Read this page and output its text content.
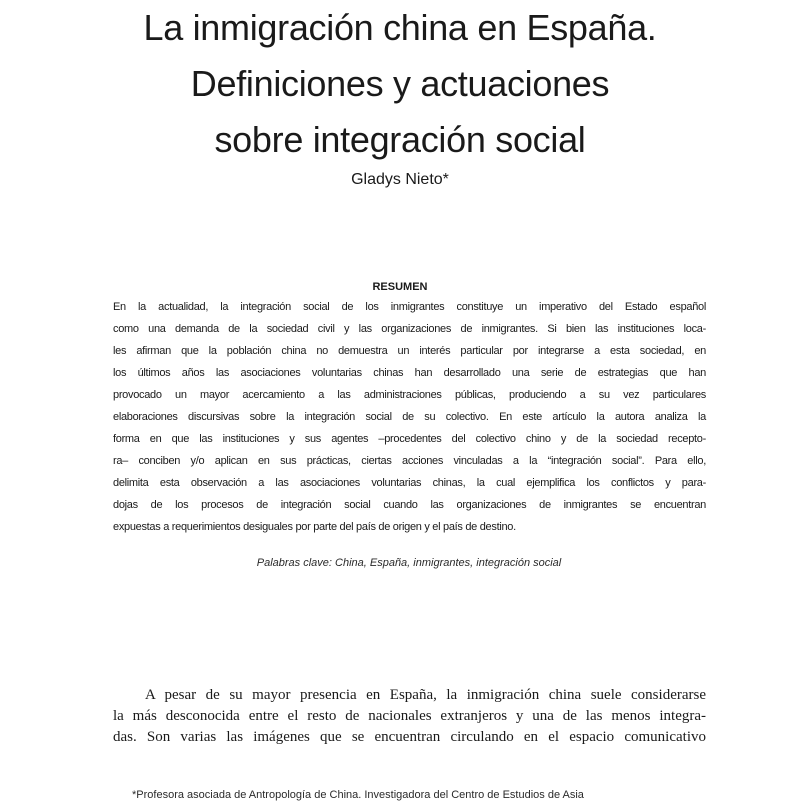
La inmigración china en España.
Definiciones y actuaciones
sobre integración social
Gladys Nieto*
RESUMEN

En la actualidad, la integración social de los inmigrantes constituye un imperativo del Estado español
como una demanda de la sociedad civil y las organizaciones de inmigrantes. Si bien las instituciones loca-
les afirman que la población china no demuestra un interés particular por integrarse a esta sociedad, en
los últimos años las asociaciones voluntarias chinas han desarrollado una serie de estrategias que han
provocado un mayor acercamiento a las administraciones públicas, produciendo a su vez particulares
elaboraciones discursivas sobre la integración social de su colectivo. En este artículo la autora analiza la
forma en que las instituciones y sus agentes –procedentes del colectivo chino y de la sociedad recepto-
ra– conciben y/o aplican en sus prácticas, ciertas acciones vinculadas a la “integración social”. Para ello,
delimita esta observación a las asociaciones voluntarias chinas, la cual ejemplifica los conflictos y para-
dojas de los procesos de integración social cuando las organizaciones de inmigrantes se encuentran
expuestas a requerimientos desiguales por parte del país de origen y el país de destino.

Palabras clave: China, España, inmigrantes, integración social

A pesar de su mayor presencia en España, la inmigración china suele considerarse
la más desconocida entre el resto de nacionales extranjeros y una de las menos integra-
das. Son varias las imágenes que se encuentran circulando en el espacio comunicativo

*Profesora asociada de Antropología de China. Investigadora del Centro de Estudios de Asia
